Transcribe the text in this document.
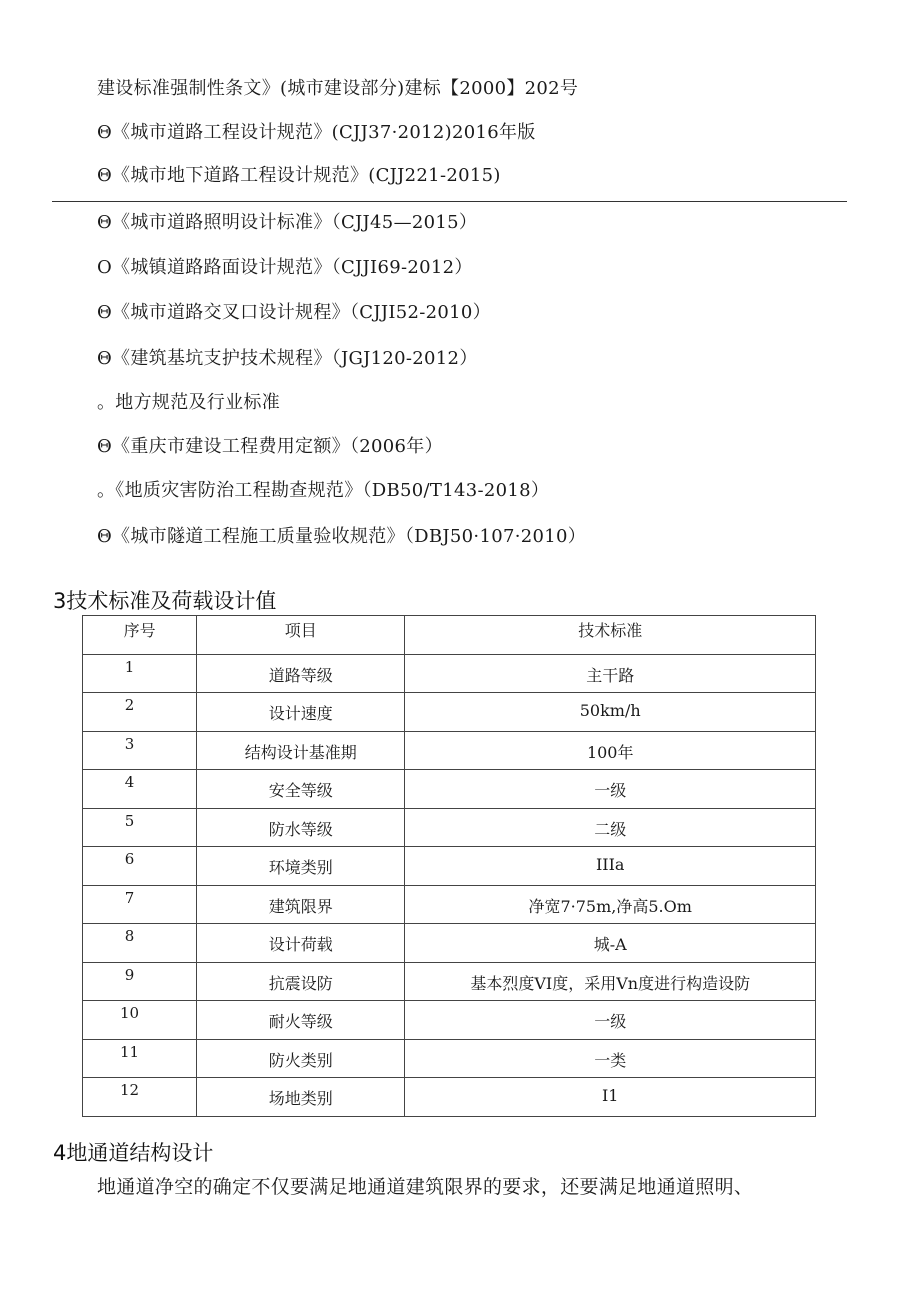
建设标准强制性条文》(城市建设部分)建标【2000】202号
Θ《城市道路工程设计规范》(CJJ37·2012)2016年版
Θ《城市地下道路工程设计规范》(CJJ221-2015)
Θ《城市道路照明设计标准》（CJJ45—2015）
O《城镇道路路面设计规范》（CJJI69-2012）
Θ《城市道路交叉口设计规程》（CJJI52-2010）
Θ《建筑基坑支护技术规程》（JGJ120-2012）
。地方规范及行业标准
Θ《重庆市建设工程费用定额》（2006年）
。《地质灾害防治工程勘查规范》（DB50/T143-2018）
Θ《城市隧道工程施工质量验收规范》（DBJ50·107·2010）
3技术标准及荷载设计值
序号	项目	技术标准

1	道路等级	主干路

2	设计速度	50km∕h

3	结构设计基准期	100年

4	安全等级	一级

5	防水等级	二级

6	环境类别	IIIa

7	建筑限界	净宽7·75m,净高5.Om

8	设计荷载	城-A

9	抗震设防	基本烈度VI度，采用Vn度进行构造设防

10	耐火等级	一级

11	防火类别	一类

12	场地类别	I1
4地通道结构设计
地通道净空的确定不仅要满足地通道建筑限界的要求，还要满足地通道照明、
